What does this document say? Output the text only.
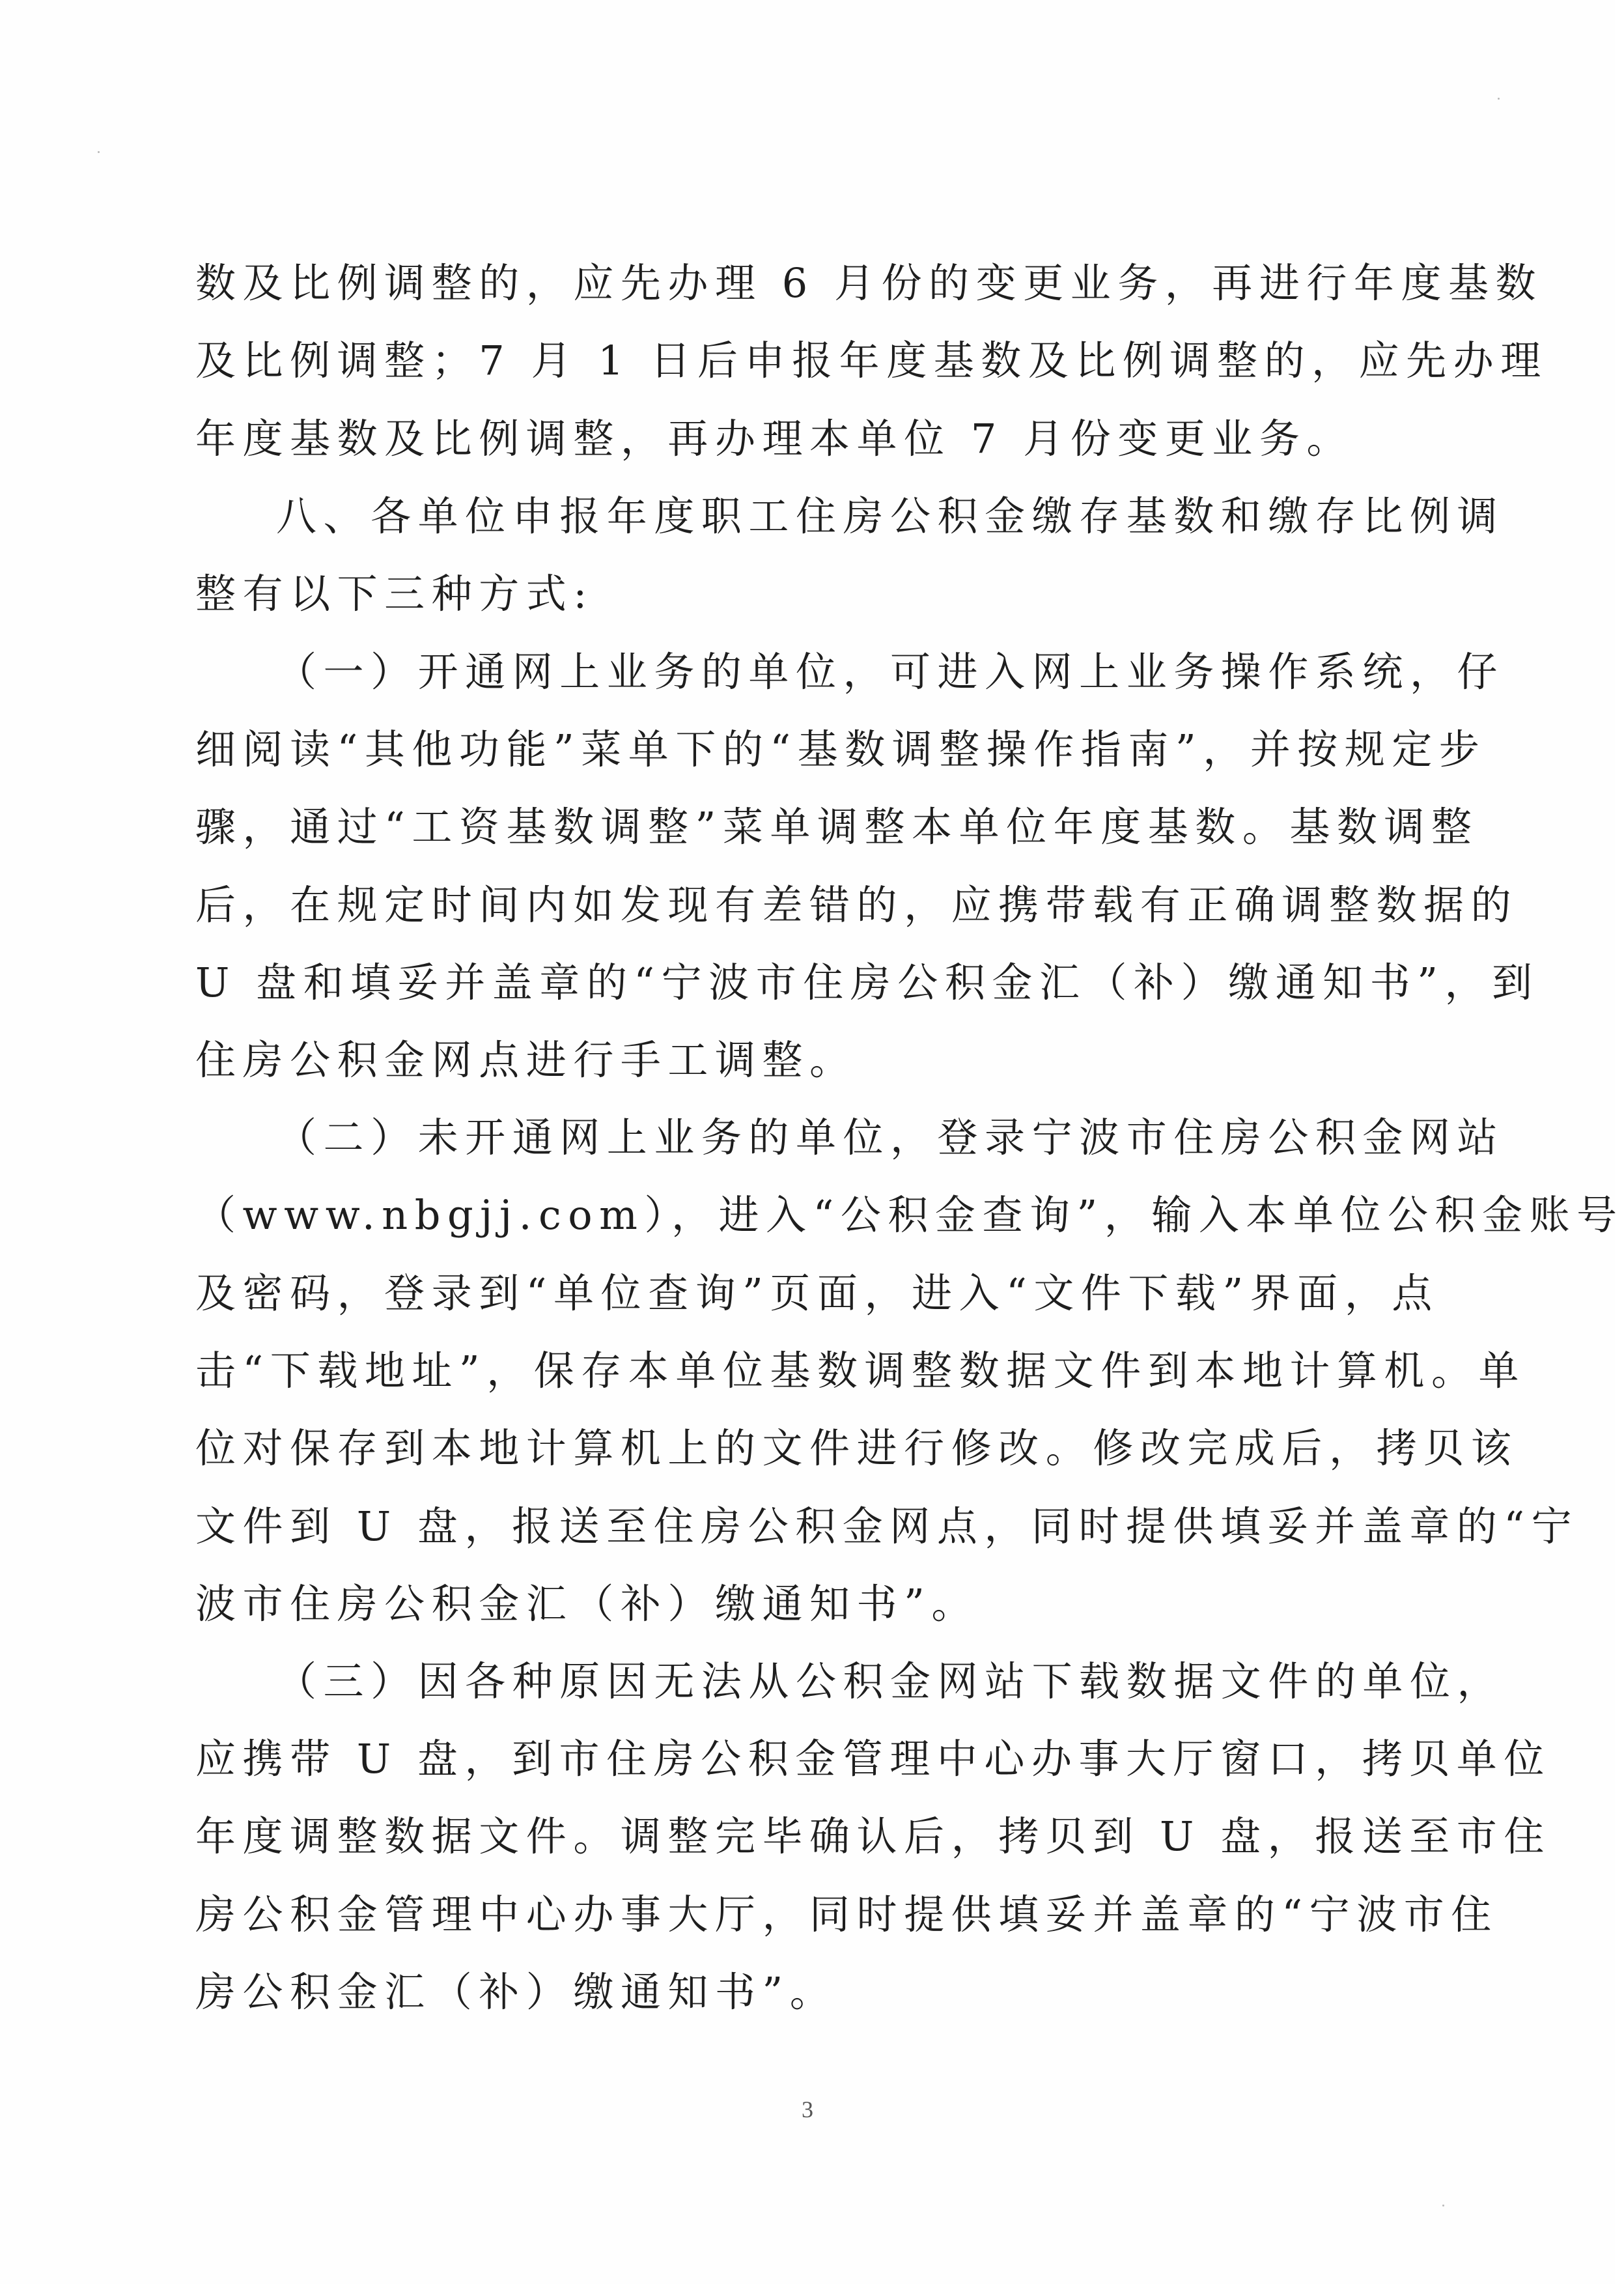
数及比例调整的，应先办理 6 月份的变更业务，再进行年度基数
及比例调整；7 月 1 日后申报年度基数及比例调整的，应先办理
年度基数及比例调整，再办理本单位 7 月份变更业务。
八、各单位申报年度职工住房公积金缴存基数和缴存比例调
整有以下三种方式:
（一）开通网上业务的单位，可进入网上业务操作系统，仔
细阅读“其他功能”菜单下的“基数调整操作指南”，并按规定步
骤，通过“工资基数调整”菜单调整本单位年度基数。基数调整
后，在规定时间内如发现有差错的，应携带载有正确调整数据的
U 盘和填妥并盖章的“宁波市住房公积金汇（补）缴通知书”，到
住房公积金网点进行手工调整。
（二）未开通网上业务的单位，登录宁波市住房公积金网站
（www.nbgjj.com），进入“公积金查询”，输入本单位公积金账号
及密码，登录到“单位查询”页面，进入“文件下载”界面，点
击“下载地址”，保存本单位基数调整数据文件到本地计算机。单
位对保存到本地计算机上的文件进行修改。修改完成后，拷贝该
文件到 U 盘，报送至住房公积金网点，同时提供填妥并盖章的“宁
波市住房公积金汇（补）缴通知书”。
（三）因各种原因无法从公积金网站下载数据文件的单位，
应携带 U 盘，到市住房公积金管理中心办事大厅窗口，拷贝单位
年度调整数据文件。调整完毕确认后，拷贝到 U 盘，报送至市住
房公积金管理中心办事大厅，同时提供填妥并盖章的“宁波市住
房公积金汇（补）缴通知书”。
3
